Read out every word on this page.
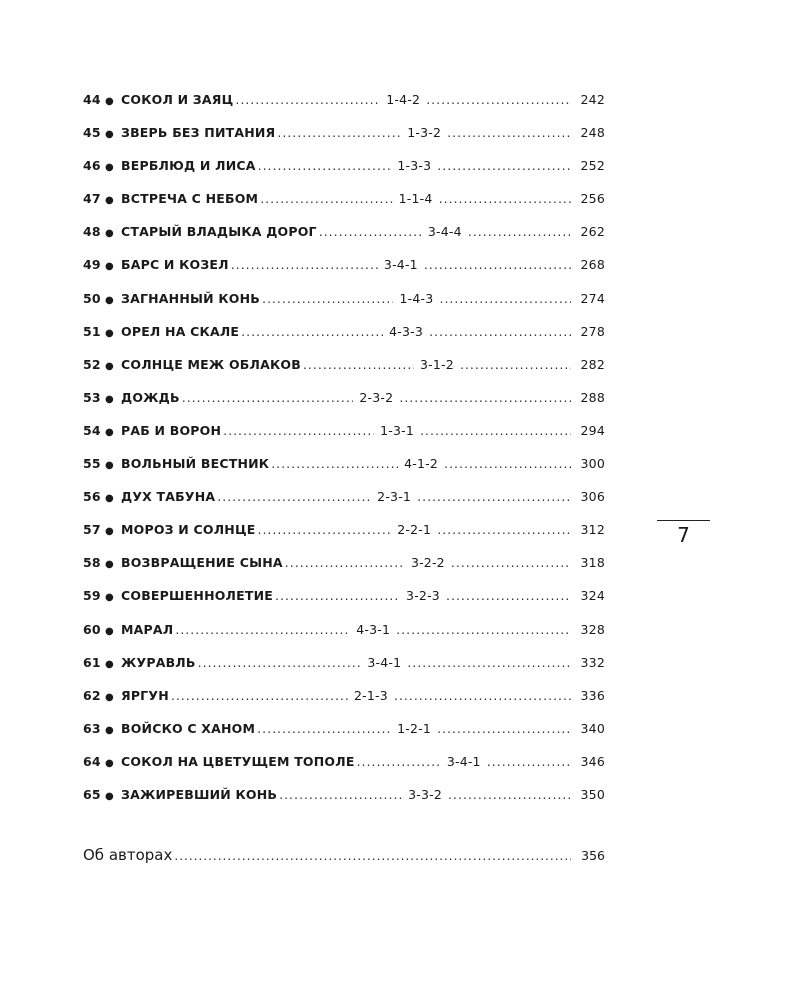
44 ● СОКОЛ И ЗАЯЦ .....	1-4-2 .....	242
45 ● ЗВЕРЬ БЕЗ ПИТАНИЯ .....	1-3-2 .....	248
46 ● ВЕРБЛЮД И ЛИСА .....	1-3-3 .....	252
47 ● ВСТРЕЧА С НЕБОМ .....	1-1-4 .....	256
48 ● СТАРЫЙ ВЛАДЫКА ДОРОГ .....	3-4-4 .....	262
49 ● БАРС И КОЗЕЛ .....	3-4-1 .....	268
50 ● ЗАГНАННЫЙ КОНЬ .....	1-4-3 .....	274
51 ● ОРЕЛ НА СКАЛЕ .....	4-3-3 .....	278
52 ● СОЛНЦЕ МЕЖ ОБЛАКОВ .....	3-1-2 .....	282
53 ● ДОЖДЬ .....	2-3-2 .....	288
54 ● РАБ И ВОРОН .....	1-3-1 .....	294
55 ● ВОЛЬНЫЙ ВЕСТНИК .....	4-1-2 .....	300
56 ● ДУХ ТАБУНА .....	2-3-1 .....	306
57 ● МОРОЗ И СОЛНЦЕ .....	2-2-1 .....	312
58 ● ВОЗВРАЩЕНИЕ СЫНА .....	3-2-2 .....	318
59 ● СОВЕРШЕННОЛЕТИЕ .....	3-2-3 .....	324
60 ● МАРАЛ .....	4-3-1 .....	328
61 ● ЖУРАВЛЬ .....	3-4-1 .....	332
62 ● ЯРГУН .....	2-1-3 .....	336
63 ● ВОЙСКО С ХАНОМ .....	1-2-1 .....	340
64 ● СОКОЛ НА ЦВЕТУЩЕМ ТОПОЛЕ .....	3-4-1 .....	346
65 ● ЗАЖИРЕВШИЙ КОНЬ .....	3-3-2 .....	350
Об авторах .....	356
7
